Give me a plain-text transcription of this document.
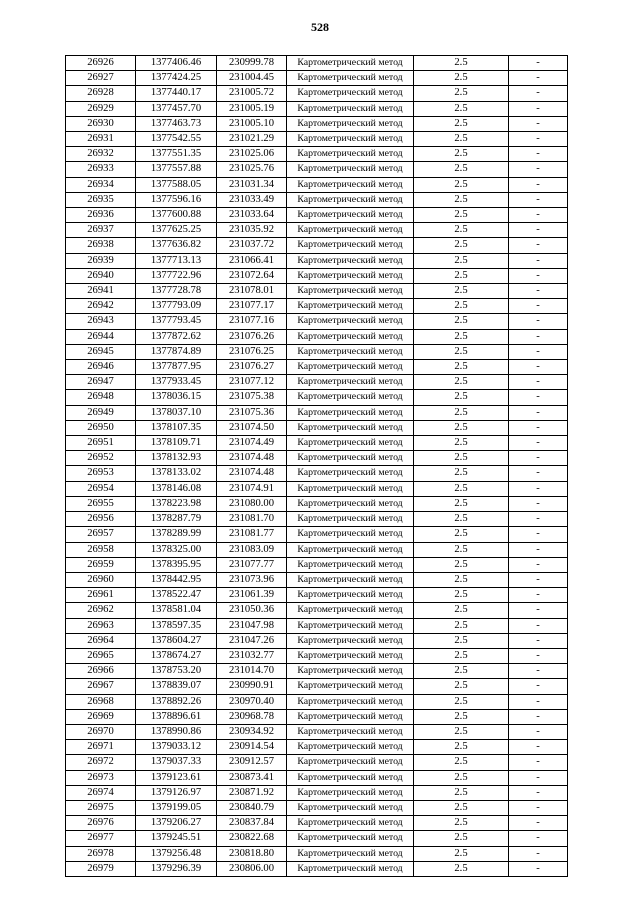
528
26926	1377406.46	230999.78	Картометрический метод	2.5	-
26927	1377424.25	231004.45	Картометрический метод	2.5	-
26928	1377440.17	231005.72	Картометрический метод	2.5	-
26929	1377457.70	231005.19	Картометрический метод	2.5	-
26930	1377463.73	231005.10	Картометрический метод	2.5	-
26931	1377542.55	231021.29	Картометрический метод	2.5	-
26932	1377551.35	231025.06	Картометрический метод	2.5	-
26933	1377557.88	231025.76	Картометрический метод	2.5	-
26934	1377588.05	231031.34	Картометрический метод	2.5	-
26935	1377596.16	231033.49	Картометрический метод	2.5	-
26936	1377600.88	231033.64	Картометрический метод	2.5	-
26937	1377625.25	231035.92	Картометрический метод	2.5	-
26938	1377636.82	231037.72	Картометрический метод	2.5	-
26939	1377713.13	231066.41	Картометрический метод	2.5	-
26940	1377722.96	231072.64	Картометрический метод	2.5	-
26941	1377728.78	231078.01	Картометрический метод	2.5	-
26942	1377793.09	231077.17	Картометрический метод	2.5	-
26943	1377793.45	231077.16	Картометрический метод	2.5	-
26944	1377872.62	231076.26	Картометрический метод	2.5	-
26945	1377874.89	231076.25	Картометрический метод	2.5	-
26946	1377877.95	231076.27	Картометрический метод	2.5	-
26947	1377933.45	231077.12	Картометрический метод	2.5	-
26948	1378036.15	231075.38	Картометрический метод	2.5	-
26949	1378037.10	231075.36	Картометрический метод	2.5	-
26950	1378107.35	231074.50	Картометрический метод	2.5	-
26951	1378109.71	231074.49	Картометрический метод	2.5	-
26952	1378132.93	231074.48	Картометрический метод	2.5	-
26953	1378133.02	231074.48	Картометрический метод	2.5	-
26954	1378146.08	231074.91	Картометрический метод	2.5	-
26955	1378223.98	231080.00	Картометрический метод	2.5	-
26956	1378287.79	231081.70	Картометрический метод	2.5	-
26957	1378289.99	231081.77	Картометрический метод	2.5	-
26958	1378325.00	231083.09	Картометрический метод	2.5	-
26959	1378395.95	231077.77	Картометрический метод	2.5	-
26960	1378442.95	231073.96	Картометрический метод	2.5	-
26961	1378522.47	231061.39	Картометрический метод	2.5	-
26962	1378581.04	231050.36	Картометрический метод	2.5	-
26963	1378597.35	231047.98	Картометрический метод	2.5	-
26964	1378604.27	231047.26	Картометрический метод	2.5	-
26965	1378674.27	231032.77	Картометрический метод	2.5	-
26966	1378753.20	231014.70	Картометрический метод	2.5	-
26967	1378839.07	230990.91	Картометрический метод	2.5	-
26968	1378892.26	230970.40	Картометрический метод	2.5	-
26969	1378896.61	230968.78	Картометрический метод	2.5	-
26970	1378990.86	230934.92	Картометрический метод	2.5	-
26971	1379033.12	230914.54	Картометрический метод	2.5	-
26972	1379037.33	230912.57	Картометрический метод	2.5	-
26973	1379123.61	230873.41	Картометрический метод	2.5	-
26974	1379126.97	230871.92	Картометрический метод	2.5	-
26975	1379199.05	230840.79	Картометрический метод	2.5	-
26976	1379206.27	230837.84	Картометрический метод	2.5	-
26977	1379245.51	230822.68	Картометрический метод	2.5	-
26978	1379256.48	230818.80	Картометрический метод	2.5	-
26979	1379296.39	230806.00	Картометрический метод	2.5	-
